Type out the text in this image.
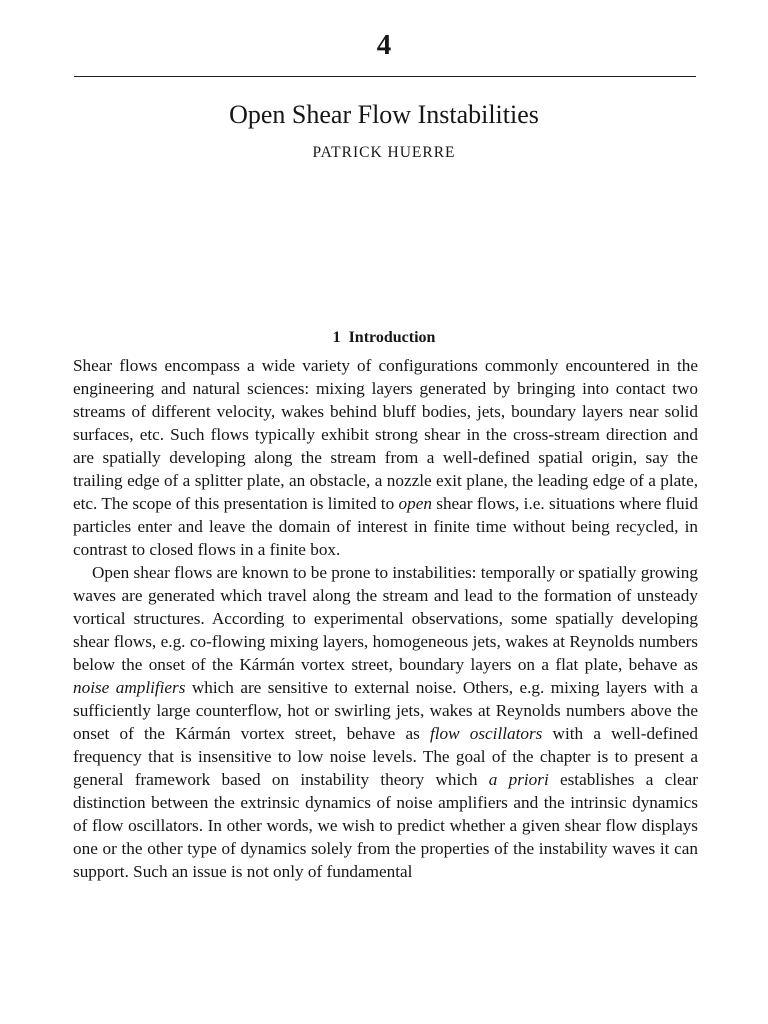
4
Open Shear Flow Instabilities
PATRICK HUERRE
1 Introduction

Shear flows encompass a wide variety of configurations commonly encountered in the engineering and natural sciences: mixing layers generated by bringing into contact two streams of different velocity, wakes behind bluff bodies, jets, boundary layers near solid surfaces, etc. Such flows typically exhibit strong shear in the cross-stream direction and are spatially developing along the stream from a well-defined spatial origin, say the trailing edge of a splitter plate, an obstacle, a nozzle exit plane, the leading edge of a plate, etc. The scope of this presentation is limited to open shear flows, i.e. situations where fluid particles enter and leave the domain of interest in finite time without being recycled, in contrast to closed flows in a finite box.

Open shear flows are known to be prone to instabilities: temporally or spatially growing waves are generated which travel along the stream and lead to the formation of unsteady vortical structures. According to experimental observations, some spatially developing shear flows, e.g. co-flowing mixing layers, homogeneous jets, wakes at Reynolds numbers below the onset of the Kármán vortex street, boundary layers on a flat plate, behave as noise amplifiers which are sensitive to external noise. Others, e.g. mixing layers with a sufficiently large counterflow, hot or swirling jets, wakes at Reynolds numbers above the onset of the Kármán vortex street, behave as flow oscillators with a well-defined frequency that is insensitive to low noise levels. The goal of the chapter is to present a general framework based on instability theory which a priori establishes a clear distinction between the extrinsic dynamics of noise amplifiers and the intrinsic dynamics of flow oscillators. In other words, we wish to predict whether a given shear flow displays one or the other type of dynamics solely from the properties of the instability waves it can support. Such an issue is not only of fundamental
